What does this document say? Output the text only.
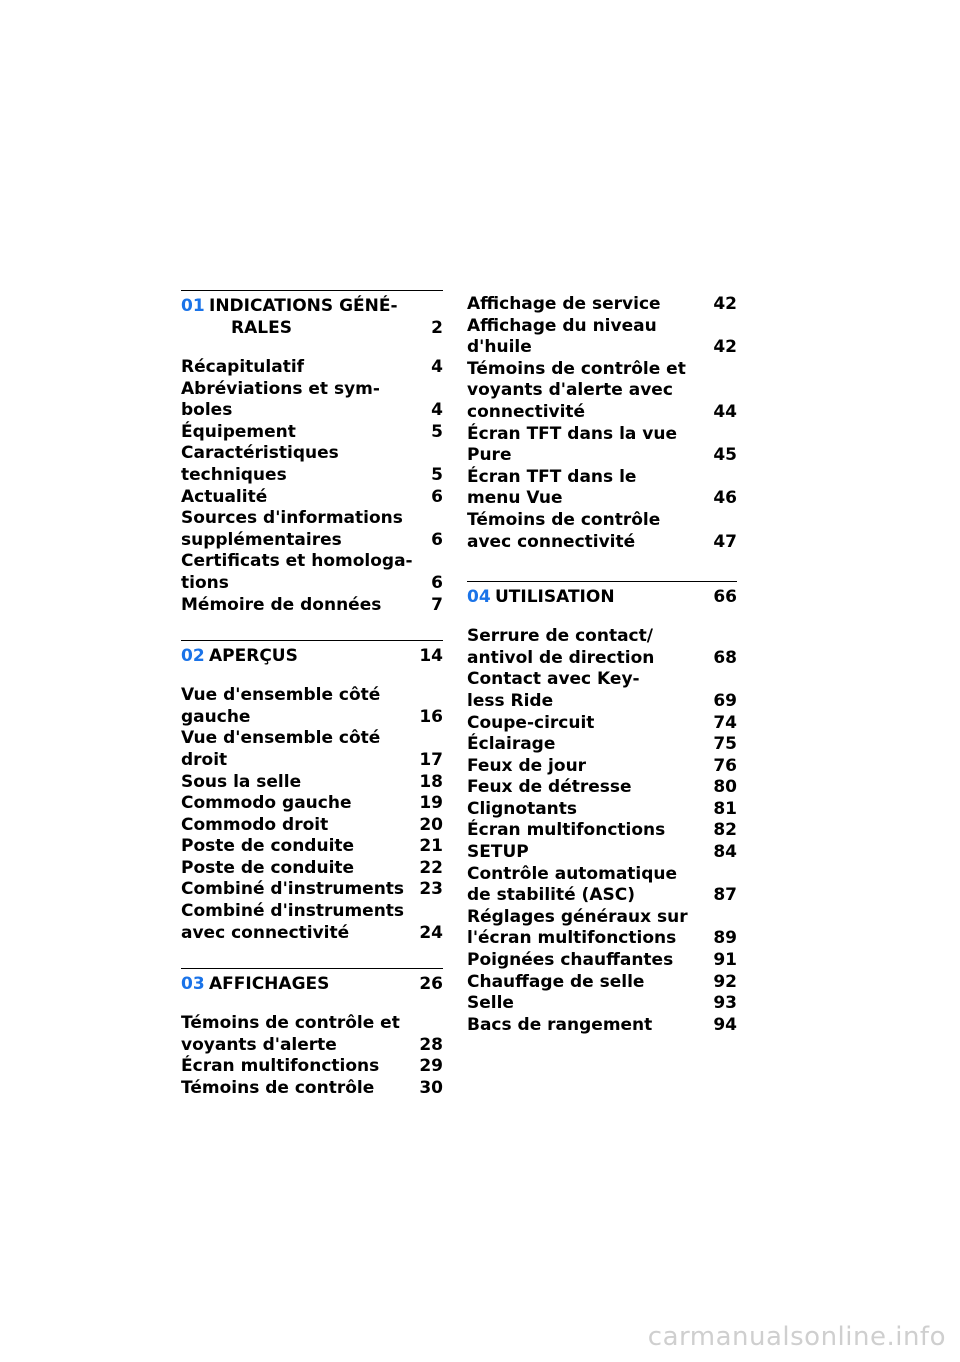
01 INDICATIONS GÉNÉ-
RALES	2
Récapitulatif	4
Abréviations et sym-
boles	4
Équipement	5
Caractéristiques
techniques	5
Actualité	6
Sources d'informations
supplémentaires	6
Certificats et homologa-
tions	6
Mémoire de données	7
02 APERÇUS	14
Vue d'ensemble côté
gauche	16
Vue d'ensemble côté
droit	17
Sous la selle	18
Commodo gauche	19
Commodo droit	20
Poste de conduite	21
Poste de conduite	22
Combiné d'instruments 23
Combiné d'instruments
avec connectivité	24
03 AFFICHAGES	26
Témoins de contrôle et
voyants d'alerte	28
Écran multifonctions 29
Témoins de contrôle	30
Affichage de service	42
Affichage du niveau
d'huile	42
Témoins de contrôle et
voyants d'alerte avec
connectivité	44
Écran TFT dans la vue
Pure	45
Écran TFT dans le
menu Vue	46
Témoins de contrôle
avec connectivité	47
04 UTILISATION	66
Serrure de contact/
antivol de direction	68
Contact avec Key-
less Ride	69
Coupe-circuit	74
Éclairage	75
Feux de jour	76
Feux de détresse	80
Clignotants	81
Écran multifonctions	82
SETUP	84
Contrôle automatique
de stabilité (ASC)	87
Réglages généraux sur
l'écran multifonctions 89
Poignées chauffantes 91
Chauffage de selle	92
Selle	93
Bacs de rangement	94
carmanualsonline.info
